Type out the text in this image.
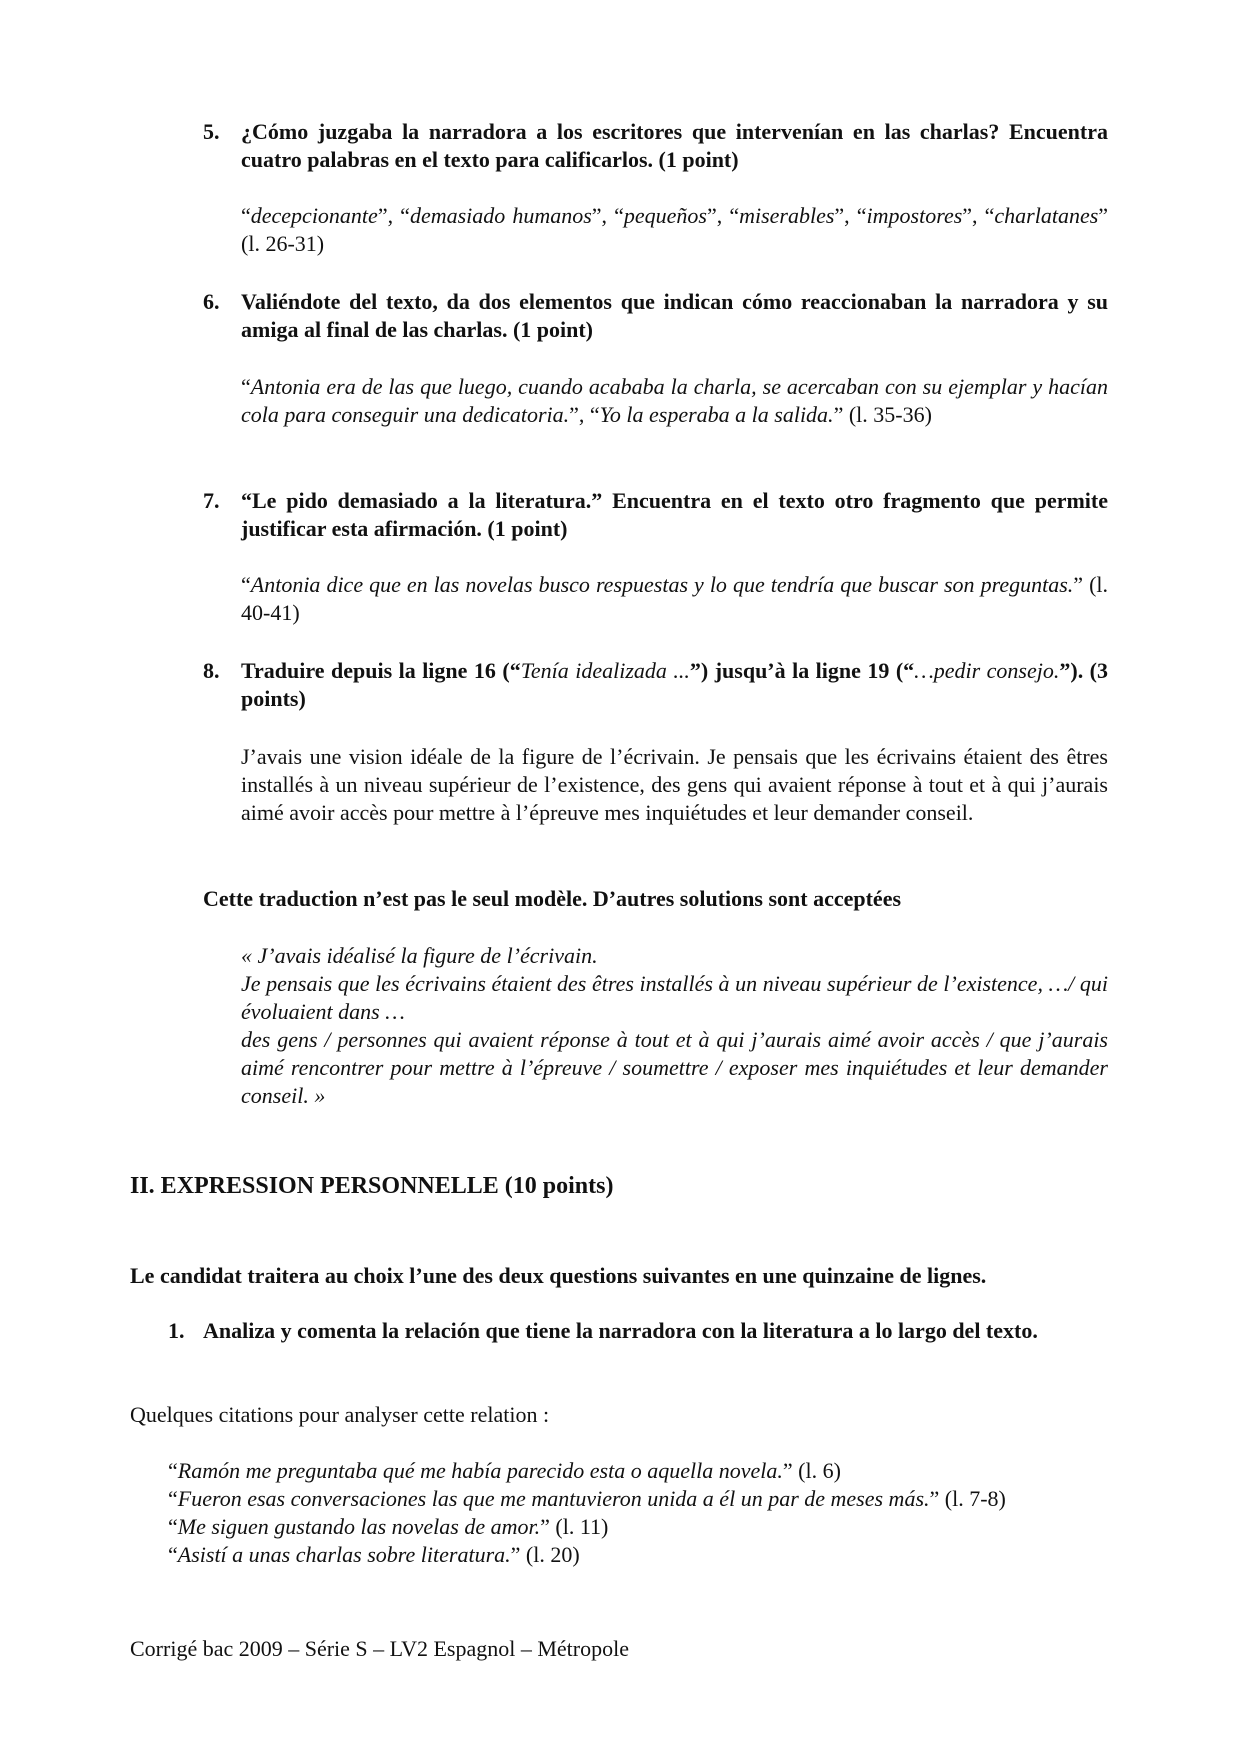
5. ¿Cómo juzgaba la narradora a los escritores que intervenían en las charlas? Encuentra cuatro palabras en el texto para calificarlos. (1 point)
“decepcionante”, “demasiado humanos”, “pequeños”, “miserables”, “impostores”, “charlatanes” (l. 26-31)
6. Valiéndote del texto, da dos elementos que indican cómo reaccionaban la narradora y su amiga al final de las charlas. (1 point)
“Antonia era de las que luego, cuando acababa la charla, se acercaban con su ejemplar y hacían cola para conseguir una dedicatoria.”, “Yo la esperaba a la salida.” (l. 35-36)
7. “Le pido demasiado a la literatura.” Encuentra en el texto otro fragmento que permite justificar esta afirmación. (1 point)
“Antonia dice que en las novelas busco respuestas y lo que tendría que buscar son preguntas.” (l. 40-41)
8. Traduire depuis la ligne 16 (“Tenía idealizada ...”) jusqu’à la ligne 19 (“…pedir consejo.”). (3 points)
J’avais une vision idéale de la figure de l’écrivain. Je pensais que les écrivains étaient des êtres installés à un niveau supérieur de l’existence, des gens qui avaient réponse à tout et à qui j’aurais aimé avoir accès pour mettre à l’épreuve mes inquiétudes et leur demander conseil.
Cette traduction n’est pas le seul modèle. D’autres solutions sont acceptées
« J’avais idéalisé la figure de l’écrivain.
Je pensais que les écrivains étaient des êtres installés à un niveau supérieur de l’existence, …/ qui évoluaient dans …
des gens / personnes qui avaient réponse à tout et à qui j’aurais aimé avoir accès / que j’aurais aimé rencontrer pour mettre à l’épreuve / soumettre / exposer mes inquiétudes et leur demander conseil. »
II. EXPRESSION PERSONNELLE (10 points)
Le candidat traitera au choix l’une des deux questions suivantes en une quinzaine de lignes.
1. Analiza y comenta la relación que tiene la narradora con la literatura a lo largo del texto.
Quelques citations pour analyser cette relation :
“Ramón me preguntaba qué me había parecido esta o aquella novela.” (l. 6)
“Fueron esas conversaciones las que me mantuvieron unida a él un par de meses más.” (l. 7-8)
“Me siguen gustando las novelas de amor.” (l. 11)
“Asistí a unas charlas sobre literatura.” (l. 20)
Corrigé bac 2009 – Série S – LV2 Espagnol – Métropole
